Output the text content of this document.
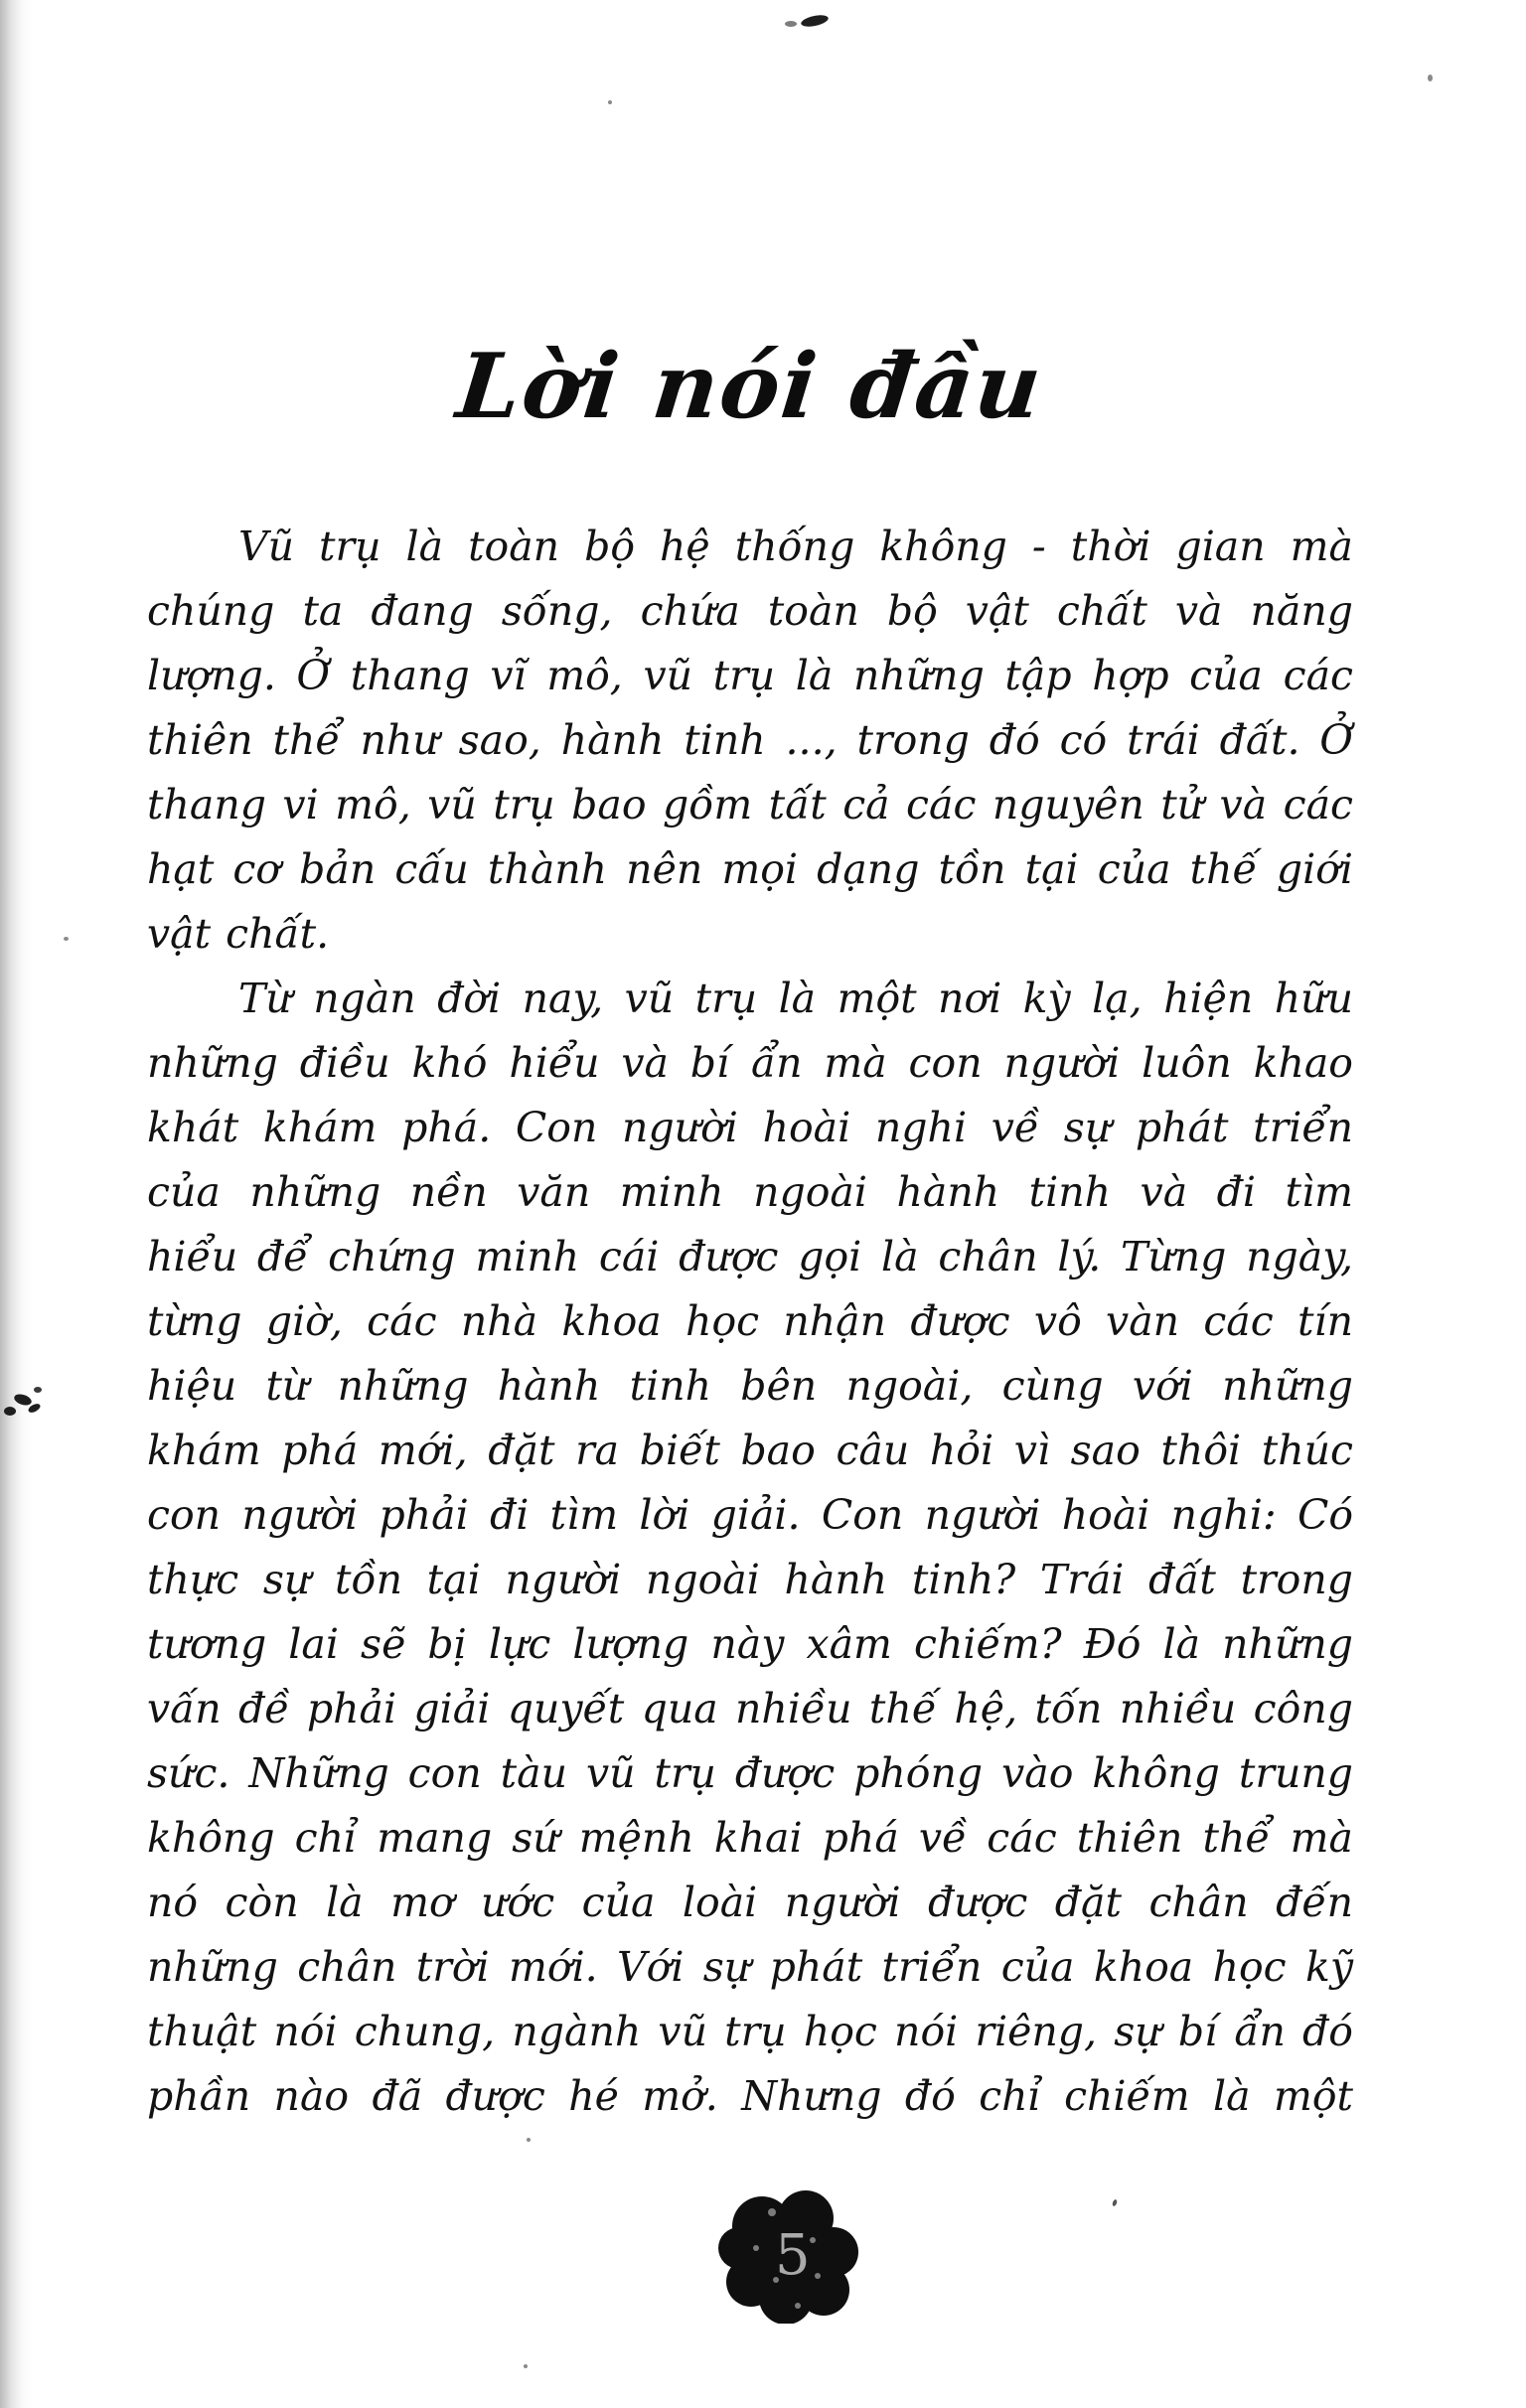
Lời nói đầu
Vũ trụ là toàn bộ hệ thống không - thời gian mà
chúng ta đang sống, chứa toàn bộ vật chất và năng
lượng. Ở thang vĩ mô, vũ trụ là những tập hợp của các
thiên thể như sao, hành tinh ..., trong đó có trái đất. Ở
thang vi mô, vũ trụ bao gồm tất cả các nguyên tử và các
hạt cơ bản cấu thành nên mọi dạng tồn tại của thế giới
vật chất.
Từ ngàn đời nay, vũ trụ là một nơi kỳ lạ, hiện hữu
những điều khó hiểu và bí ẩn mà con người luôn khao
khát khám phá. Con người hoài nghi về sự phát triển
của những nền văn minh ngoài hành tinh và đi tìm
hiểu để chứng minh cái được gọi là chân lý. Từng ngày,
từng giờ, các nhà khoa học nhận được vô vàn các tín
hiệu từ những hành tinh bên ngoài, cùng với những
khám phá mới, đặt ra biết bao câu hỏi vì sao thôi thúc
con người phải đi tìm lời giải. Con người hoài nghi: Có
thực sự tồn tại người ngoài hành tinh? Trái đất trong
tương lai sẽ bị lực lượng này xâm chiếm? Đó là những
vấn đề phải giải quyết qua nhiều thế hệ, tốn nhiều công
sức. Những con tàu vũ trụ được phóng vào không trung
không chỉ mang sứ mệnh khai phá về các thiên thể mà
nó còn là mơ ước của loài người được đặt chân đến
những chân trời mới. Với sự phát triển của khoa học kỹ
thuật nói chung, ngành vũ trụ học nói riêng, sự bí ẩn đó
phần nào đã được hé mở. Nhưng đó chỉ chiếm là một
5
